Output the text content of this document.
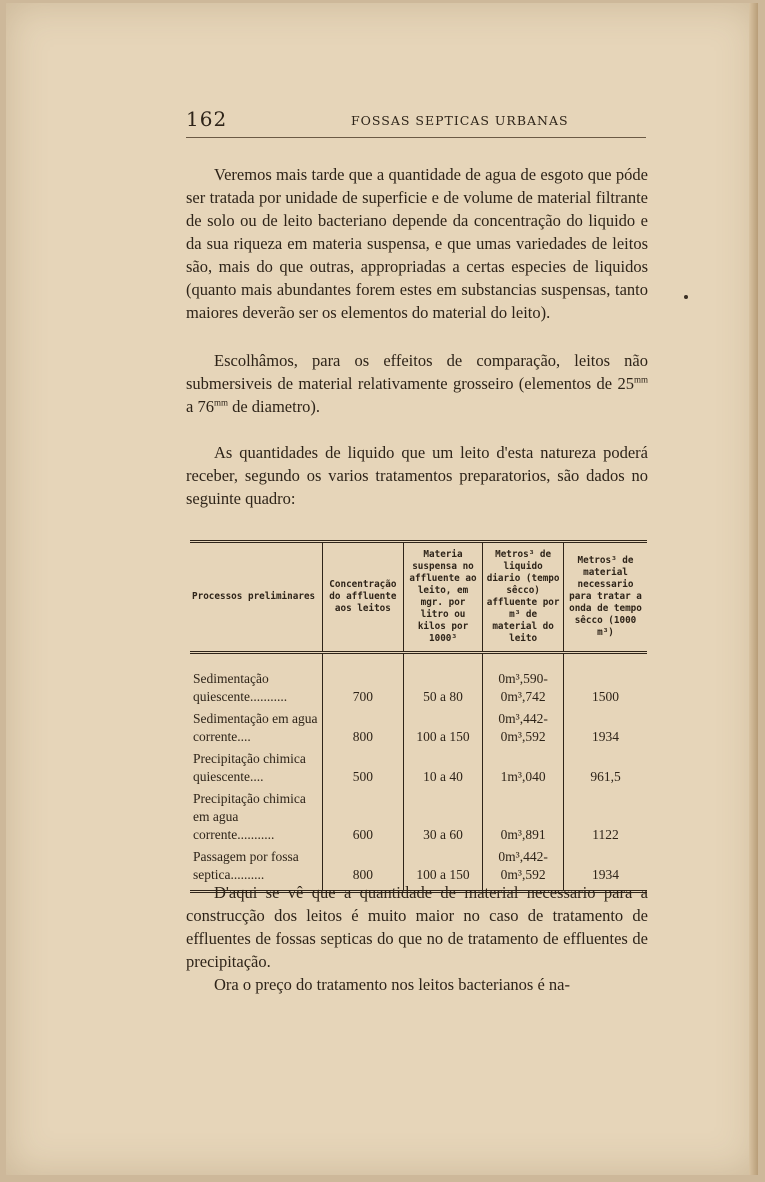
162	FOSSAS SEPTICAS URBANAS

Veremos mais tarde que a quantidade de agua de esgoto que póde ser tratada por unidade de superficie e de volume de material filtrante de solo ou de leito bacteriano depende da concentração do liquido e da sua riqueza em materia suspensa, e que umas variedades de leitos são, mais do que outras, appropriadas a certas especies de liquidos (quanto mais abundantes forem estes em substancias suspensas, tanto maiores deverão ser os elementos do material do leito).

Escolhâmos, para os effeitos de comparação, leitos não submersiveis de material relativamente grosseiro (elementos de $25^{mm}$ a $76^{mm}$ de diametro).

As quantidades de liquido que um leito d'esta natureza poderá receber, segundo os varios tratamentos preparatorios, são dados no seguinte quadro:

Processos preliminares	Concentração do affluente aos leitos	Materia suspensa no affluente ao leito, em mgr. por litro ou kilos por 1000³	Metros³ de liquido diario (tempo sêcco) affluente por m³ de material do leito	Metros³ de material necessario para tratar a onda de tempo sêcco (1000 m³)
Sedimentação quiescente...........	700	50 a 80	0m³,590-0m³,742	1500
Sedimentação em agua corrente....	800	100 a 150	0m³,442-0m³,592	1934
Precipitação chimica quiescente....	500	10 a 40	1m³,040	961,5
Precipitação chimica em agua corrente...........	600	30 a 60	0m³,891	1122
Passagem por fossa septica..........	800	100 a 150	0m³,442-0m³,592	1934

D'aqui se vê que a quantidade de material necessario para a construcção dos leitos é muito maior no caso de tratamento de effluentes de fossas septicas do que no de tratamento de effluentes de precipitação.

Ora o preço do tratamento nos leitos bacterianos é na-
